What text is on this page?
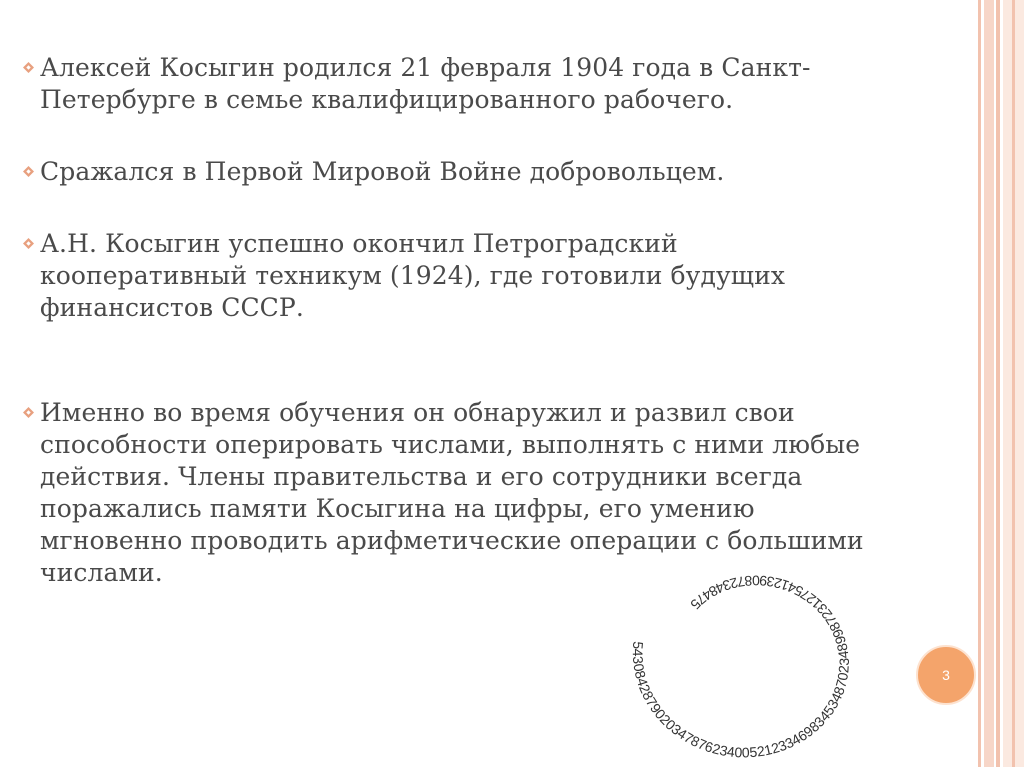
Алексей Косыгин родился 21 февраля 1904 года в Санкт-
Петербурге в семье квалифицированного рабочего.
Сражался в Первой Мировой Войне добровольцем.
А.Н. Косыгин успешно окончил Петроградский
кооперативный техникум (1924), где готовили будущих
финансистов СССР.
Именно во время обучения он обнаружил и развил свои
способности оперировать числами, выполнять с ними любые
действия. Члены правительства и его сотрудники всегда
поражались памяти Косыгина на цифры, его умению
мгновенно проводить арифметические операции с большими
числами.
54308428790203478762340052123346983453487023489987231275412390872348475
3
